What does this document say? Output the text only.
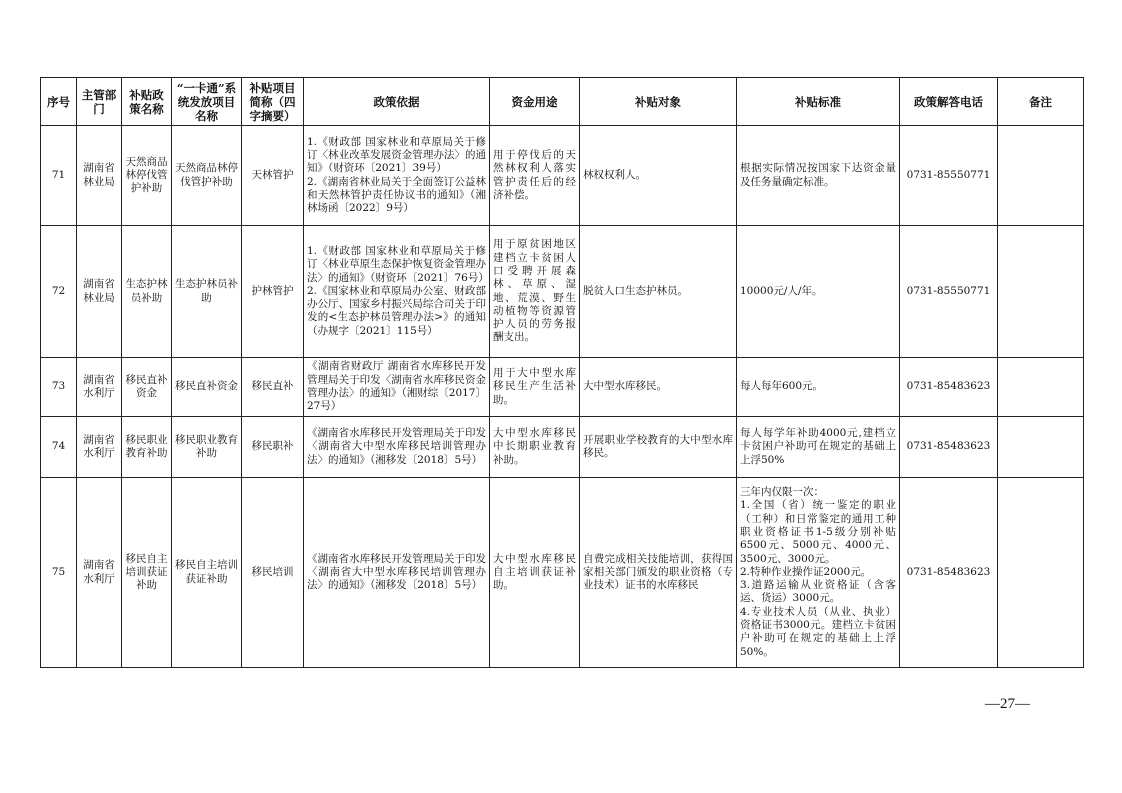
序号	主管部门	补贴政策名称	“一卡通”系统发放项目名称	补贴项目简称（四字摘要）	政策依据	资金用途	补贴对象	补贴标准	政策解答电话	备注
71	湖南省林业局	天然商品林停伐管护补助	天然商品林停伐管护补助	天林管护	1.《财政部 国家林业和草原局关于修订〈林业改革发展资金管理办法〉的通知》（财资环〔2021〕39号）
2.《湖南省林业局关于全面签订公益林和天然林管护责任协议书的通知》（湘林场函〔2022〕9号）	用于停伐后的天然林权利人落实管护责任后的经济补偿。	林权权利人。	根据实际情况按国家下达资金量及任务量确定标准。	0731-85550771	
72	湖南省林业局	生态护林员补助	生态护林员补助	护林管护	1.《财政部 国家林业和草原局关于修订〈林业草原生态保护恢复资金管理办法〉的通知》（财资环〔2021〕76号）
2.《国家林业和草原局办公室、财政部办公厅、国家乡村振兴局综合司关于印发的<生态护林员管理办法>》的通知（办规字〔2021〕115号）	用于原贫困地区建档立卡贫困人口受聘开展森林、草原、湿地、荒漠、野生动植物等资源管护人员的劳务报酬支出。	脱贫人口生态护林员。	10000元/人/年。	0731-85550771	
73	湖南省水利厅	移民直补资金	移民直补资金	移民直补	《湖南省财政厅 湖南省水库移民开发管理局关于印发〈湖南省水库移民资金管理办法〉的通知》（湘财综〔2017〕27号）	用于大中型水库移民生产生活补助。	大中型水库移民。	每人每年600元。	0731-85483623	
74	湖南省水利厅	移民职业教育补助	移民职业教育补助	移民职补	《湖南省水库移民开发管理局关于印发〈湖南省大中型水库移民培训管理办法〉的通知》（湘移发〔2018〕5号）	大中型水库移民中长期职业教育补助。	开展职业学校教育的大中型水库移民。	每人每学年补助4000元,建档立卡贫困户补助可在规定的基础上上浮50%	0731-85483623	
75	湖南省水利厅	移民自主培训获证补助	移民自主培训获证补助	移民培训	《湖南省水库移民开发管理局关于印发〈湖南省大中型水库移民培训管理办法〉的通知》（湘移发〔2018〕5号）	大中型水库移民自主培训获证补助。	自费完成相关技能培训，获得国家相关部门颁发的职业资格（专业技术）证书的水库移民	三年内仅限一次：
1.全国（省）统一鉴定的职业（工种）和日常鉴定的通用工种职业资格证书1-5级分别补贴6500元、5000元、4000元、3500元、3000元。
2.特种作业操作证2000元。
3.道路运输从业资格证（含客运、货运）3000元。
4.专业技术人员（从业、执业）资格证书3000元。建档立卡贫困户补助可在规定的基础上上浮50%。	0731-85483623	
—27—
